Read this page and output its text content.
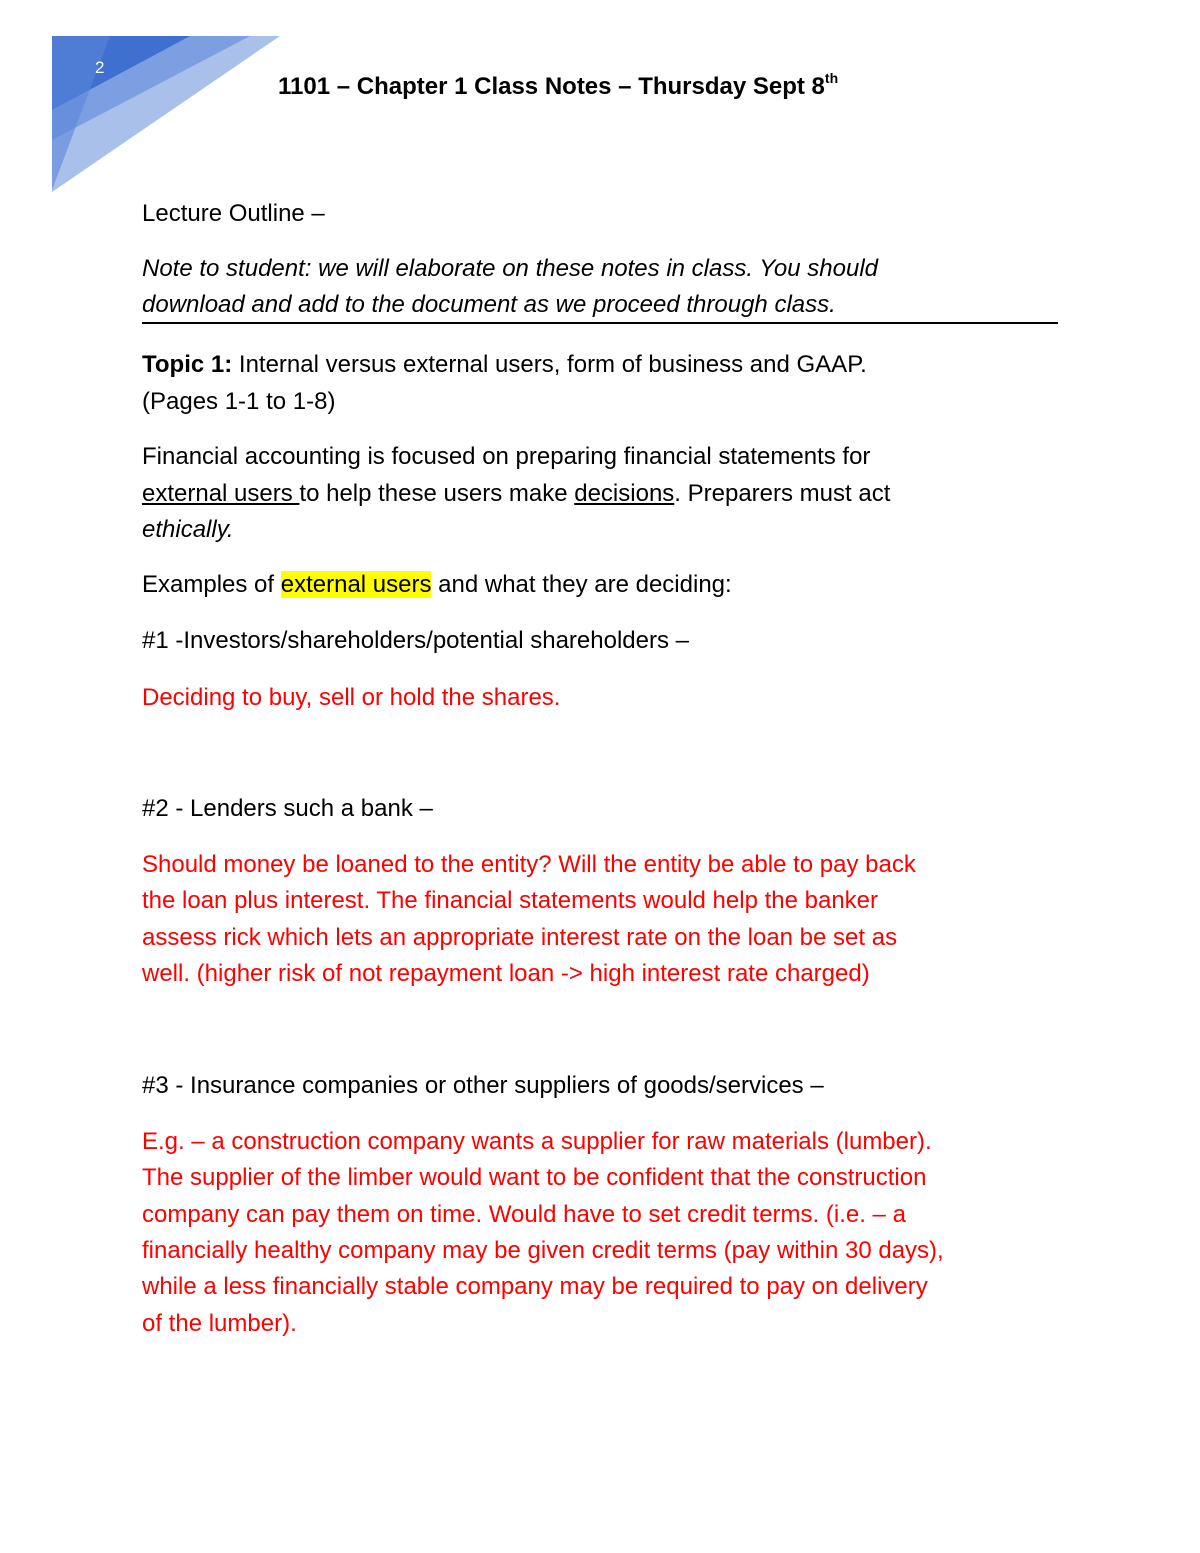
2
1101 – Chapter 1 Class Notes – Thursday Sept 8th

Lecture Outline –

Note to student: we will elaborate on these notes in class. You should

download and add to the document as we proceed through class.

Topic 1: Internal versus external users, form of business and GAAP.

(Pages 1-1 to 1-8)

Financial accounting is focused on preparing financial statements for

external users to help these users make decisions. Preparers must act

ethically.

Examples of external users and what they are deciding:

#1 -Investors/shareholders/potential shareholders –

Deciding to buy, sell or hold the shares.

#2 - Lenders such a bank –

Should money be loaned to the entity? Will the entity be able to pay back

the loan plus interest. The financial statements would help the banker

assess rick which lets an appropriate interest rate on the loan be set as

well. (higher risk of not repayment loan -> high interest rate charged)

#3 - Insurance companies or other suppliers of goods/services –

E.g. – a construction company wants a supplier for raw materials (lumber).

The supplier of the limber would want to be confident that the construction

company can pay them on time. Would have to set credit terms. (i.e. – a

financially healthy company may be given credit terms (pay within 30 days),

while a less financially stable company may be required to pay on delivery

of the lumber).
